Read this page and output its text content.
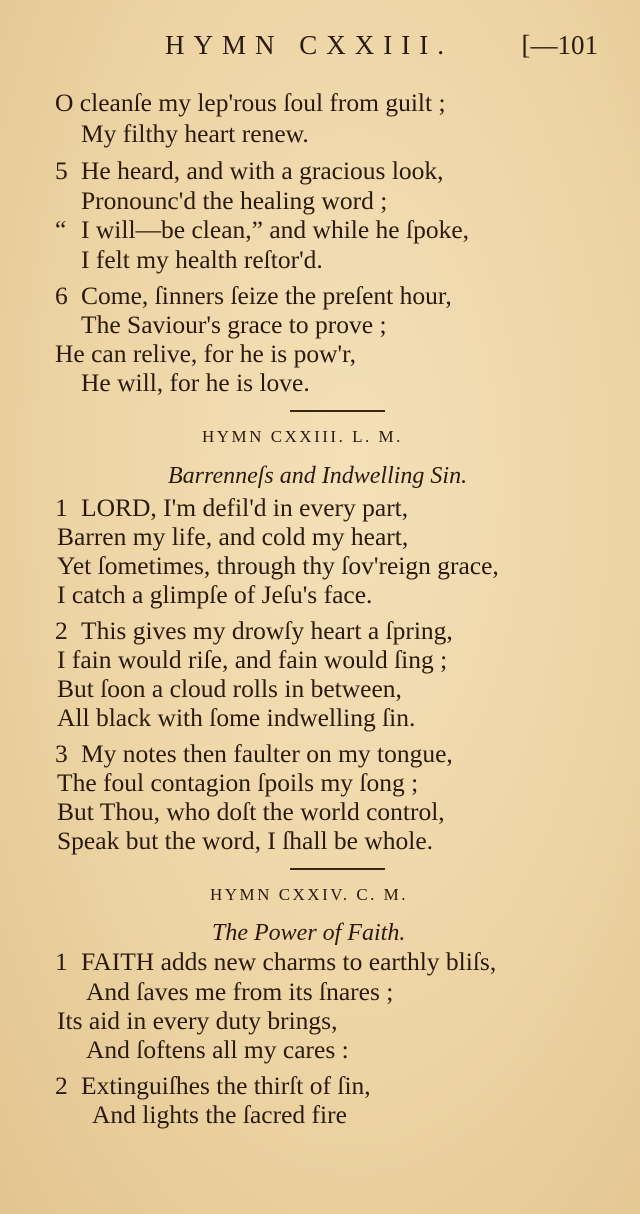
HYMN CXXIII.	[—101
O cleanſe my lep'rous ſoul from guilt ;
My filthy heart renew.
5 He heard, and with a gracious look,
Pronounc'd the healing word ;
“ I will—be clean,” and while he ſpoke,
I felt my health reſtor'd.
6 Come, ſinners ſeize the preſent hour,
The Saviour's grace to prove ;
He can relive, for he is pow'r,
He will, for he is love.
HYMN CXXIII. L. M.
Barrenneſs and Indwelling Sin.
1 LORD, I'm defil'd in every part,
Barren my life, and cold my heart,
Yet ſometimes, through thy ſov'reign grace,
I catch a glimpſe of Jeſu's face.
2 This gives my drowſy heart a ſpring,
I fain would riſe, and fain would ſing ;
But ſoon a cloud rolls in between,
All black with ſome indwelling ſin.
3 My notes then faulter on my tongue,
The foul contagion ſpoils my ſong ;
But Thou, who doſt the world control,
Speak but the word, I ſhall be whole.
HYMN CXXIV. C. M.
The Power of Faith.
1 FAITH adds new charms to earthly bliſs,
And ſaves me from its ſnares ;
Its aid in every duty brings,
And ſoftens all my cares :
2 Extinguiſhes the thirſt of ſin,
And lights the ſacred fire
